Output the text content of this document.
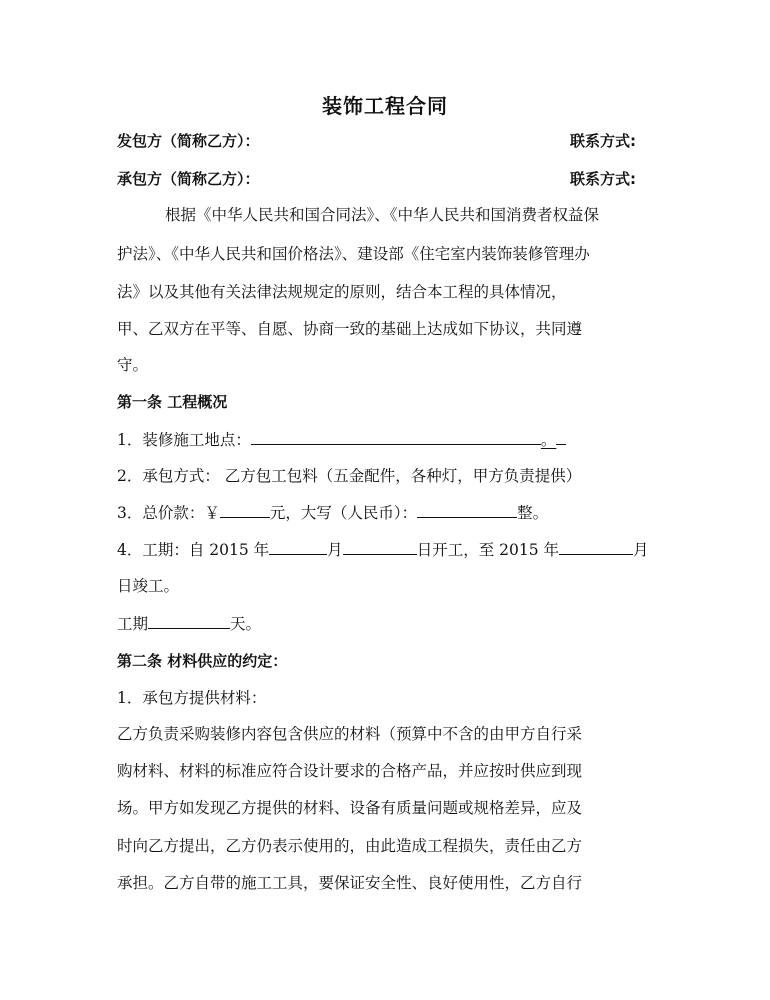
装饰工程合同
发包方（简称乙方）：	联系方式:
承包方（简称乙方）：	联系方式:
根据《中华人民共和国合同法》、《中华人民共和国消费者权益保
护法》、《中华人民共和国价格法》、建设部《住宅室内装饰装修管理办
法》以及其他有关法律法规规定的原则，结合本工程的具体情况，
甲、乙双方在平等、自愿、协商一致的基础上达成如下协议，共同遵
守。
第一条 工程概况
1．装修施工地点：	。
2．承包方式： 乙方包工包料（五金配件，各种灯，甲方负责提供）
3．总价款：￥	元，大写（人民币）：	整。
4．工期：自 2015 年	月	日开工，至 2015 年	月
日竣工。
工期	天。
第二条 材料供应的约定：
1．承包方提供材料：
乙方负责采购装修内容包含供应的材料（预算中不含的由甲方自行采
购材料、材料的标准应符合设计要求的合格产品，并应按时供应到现
场。甲方如发现乙方提供的材料、设备有质量问题或规格差异，应及
时向乙方提出，乙方仍表示使用的，由此造成工程损失，责任由乙方
承担。乙方自带的施工工具，要保证安全性、良好使用性，乙方自行
